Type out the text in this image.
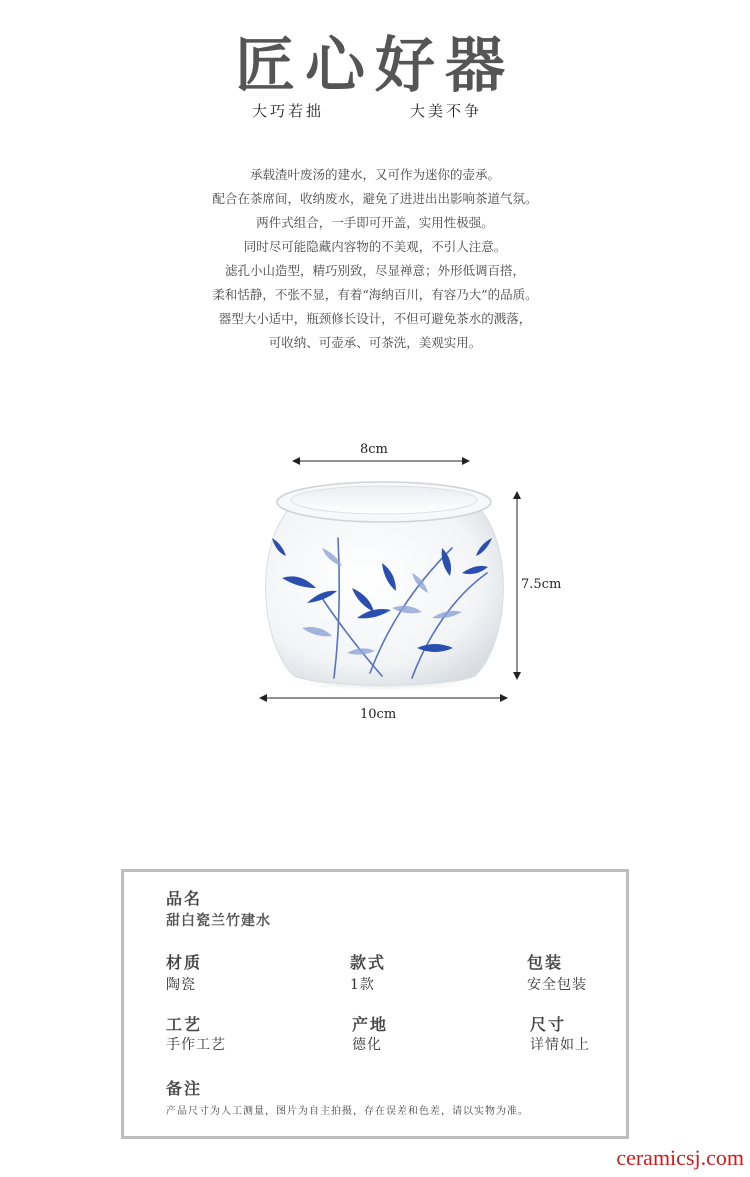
匠心好器
大巧若拙	大美不争
承载渣叶废汤的建水，又可作为迷你的壶承。
配合在茶席间，收纳废水，避免了进进出出影响茶道气氛。
两件式组合，一手即可开盖，实用性极强。
同时尽可能隐藏内容物的不美观，不引人注意。
滤孔小山造型，精巧别致，尽显禅意；外形低调百搭，
柔和恬静，不张不显，有着“海纳百川，有容乃大”的品质。
器型大小适中，瓶颈修长设计，不但可避免茶水的溅落，
可收纳、可壶承、可茶洗，美观实用。
8cm
7.5cm
10cm
品名
甜白瓷兰竹建水
材质
陶瓷
款式
1款
包装
安全包装
工艺
手作工艺
产地
德化
尺寸
详情如上
备注
产品尺寸为人工测量，图片为自主拍摄，存在误差和色差，请以实物为准。
ceramicsj.com
